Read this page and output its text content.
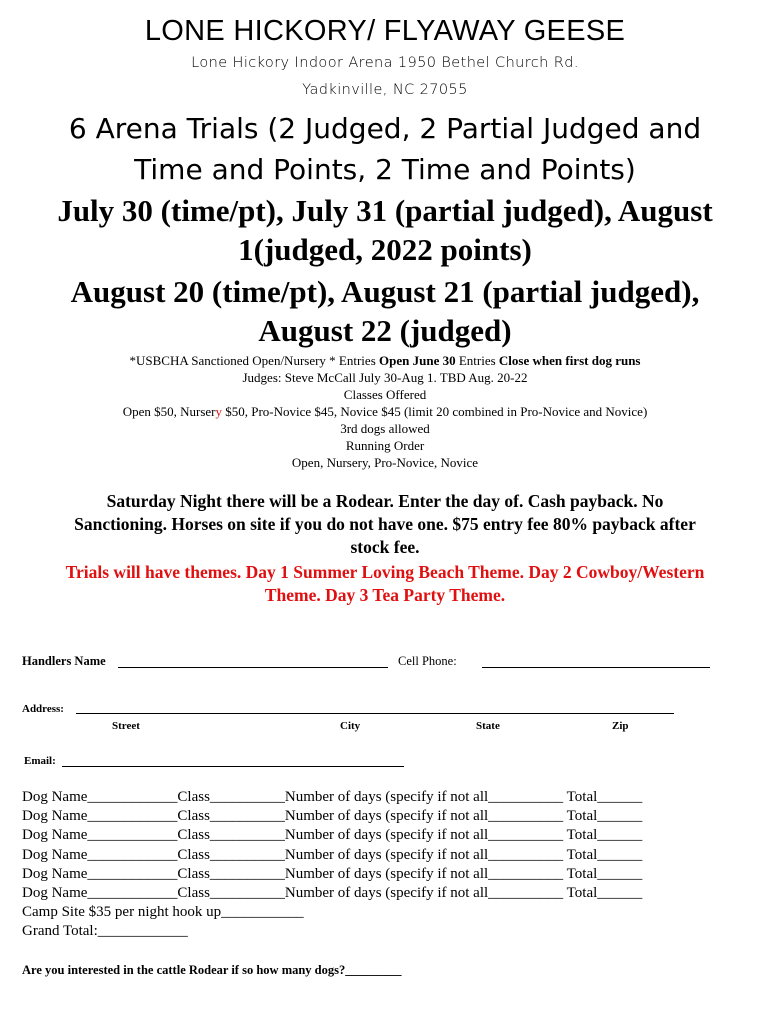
LONE HICKORY/ FLYAWAY GEESE
Lone Hickory Indoor Arena 1950 Bethel Church Rd.
Yadkinville, NC 27055
6 Arena Trials (2 Judged, 2 Partial Judged and
Time and Points, 2 Time and Points)
July 30 (time/pt), July 31 (partial judged), August
1(judged, 2022 points)
August 20 (time/pt), August 21 (partial judged),
August 22 (judged)
*USBCHA Sanctioned Open/Nursery * Entries Open June 30 Entries Close when first dog runs
Judges: Steve McCall July 30-Aug 1. TBD Aug. 20-22
Classes Offered
Open $50, Nursery $50, Pro-Novice $45, Novice $45 (limit 20 combined in Pro-Novice and Novice)
3rd dogs allowed
Running Order
Open, Nursery, Pro-Novice, Novice
Saturday Night there will be a Rodear. Enter the day of. Cash payback. No
Sanctioning. Horses on site if you do not have one. $75 entry fee 80% payback after
stock fee.
Trials will have themes. Day 1 Summer Loving Beach Theme. Day 2 Cowboy/Western
Theme. Day 3 Tea Party Theme.
Handlers Name	Cell Phone:
Address:
Street	City	State	Zip
Email:
Dog Name____________Class__________Number of days (specify if not all__________ Total______
Dog Name____________Class__________Number of days (specify if not all__________ Total______
Dog Name____________Class__________Number of days (specify if not all__________ Total______
Dog Name____________Class__________Number of days (specify if not all__________ Total______
Dog Name____________Class__________Number of days (specify if not all__________ Total______
Dog Name____________Class__________Number of days (specify if not all__________ Total______
Camp Site $35 per night hook up___________
Grand Total:____________
Are you interested in the cattle Rodear if so how many dogs?_________
